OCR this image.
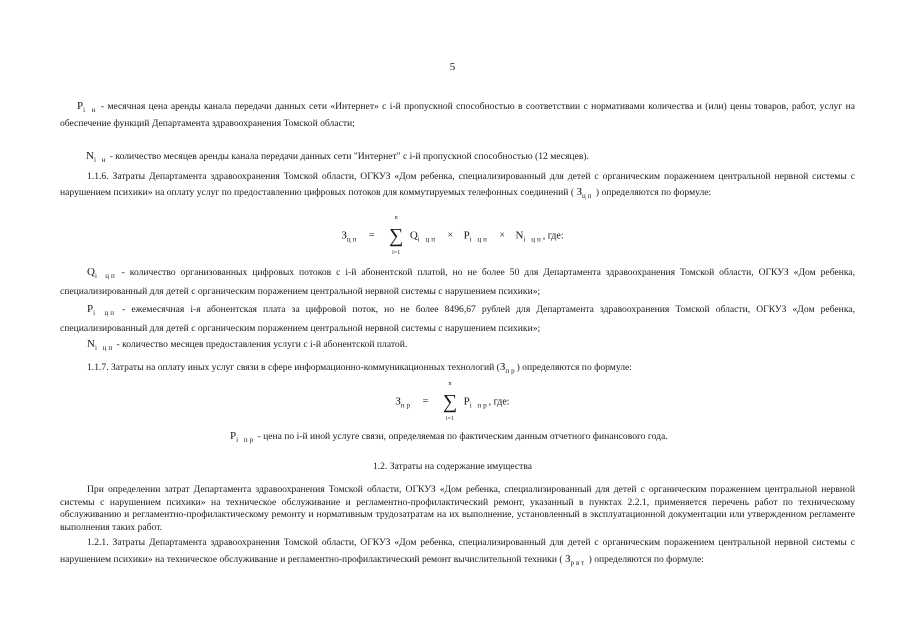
5
$P_{i н}$ - месячная цена аренды канала передачи данных сети «Интернет» с i-й пропускной способностью в соответствии с нормативами количества и (или) цены товаров, работ, услуг на обеспечение функций Департамента здравоохранения Томской области;
$N_{i н}$ - количество месяцев аренды канала передачи данных сети "Интернет" с i-й пропускной способностью (12 месяцев).
1.1.6. Затраты Департамента здравоохранения Томской области, ОГКУЗ «Дом ребенка, специализированный для детей с органическим поражением центральной нервной системы с нарушением психики» на оплату услуг по предоставлению цифровых потоков для коммутируемых телефонных соединений ( $З_{цп}$ ) определяются по формуле:
$З_{цп}$ = ∑
n
i=1
$Q_{i цп} \times P_{i цп} \times N_{i цп}$, где:
$Q_{i цп}$ - количество организованных цифровых потоков с i-й абонентской платой, но не более 50 для Департамента здравоохранения Томской области, ОГКУЗ «Дом ребенка, специализированный для детей с органическим поражением центральной нервной системы с нарушением психики»;
$P_{i цп}$ - ежемесячная i-я абонентская плата за цифровой поток, но не более 8496,67 рублей для Департамента здравоохранения Томской области, ОГКУЗ «Дом ребенка, специализированный для детей с органическим поражением центральной нервной системы с нарушением психики»;
$N_{i цп}$ - количество месяцев предоставления услуги с i-й абонентской платой.
1.1.7. Затраты на оплату иных услуг связи в сфере информационно-коммуникационных технологий $(З_{пр})$ определяются по формуле:
$З_{пр}$ = ∑
n
i=1
$P_{i пр}$, где:
$P_{i пр}$ - цена по i-й иной услуге связи, определяемая по фактическим данным отчетного финансового года.
1.2. Затраты на содержание имущества
При определении затрат Департамента здравоохранения Томской области, ОГКУЗ «Дом ребенка, специализированный для детей с органическим поражением центральной нервной системы с нарушением психики» на техническое обслуживание и регламентно-профилактический ремонт, указанный в пунктах 2.2.1, применяется перечень работ по техническому обслуживанию и регламентно-профилактическому ремонту и нормативным трудозатратам на их выполнение, установленный в эксплуатационной документации или утвержденном регламенте выполнения таких работ.
1.2.1. Затраты Департамента здравоохранения Томской области, ОГКУЗ «Дом ребенка, специализированный для детей с органическим поражением центральной нервной системы с нарушением психики» на техническое обслуживание и регламентно-профилактический ремонт вычислительной техники ( $З_{рвт}$ ) определяются по формуле:
